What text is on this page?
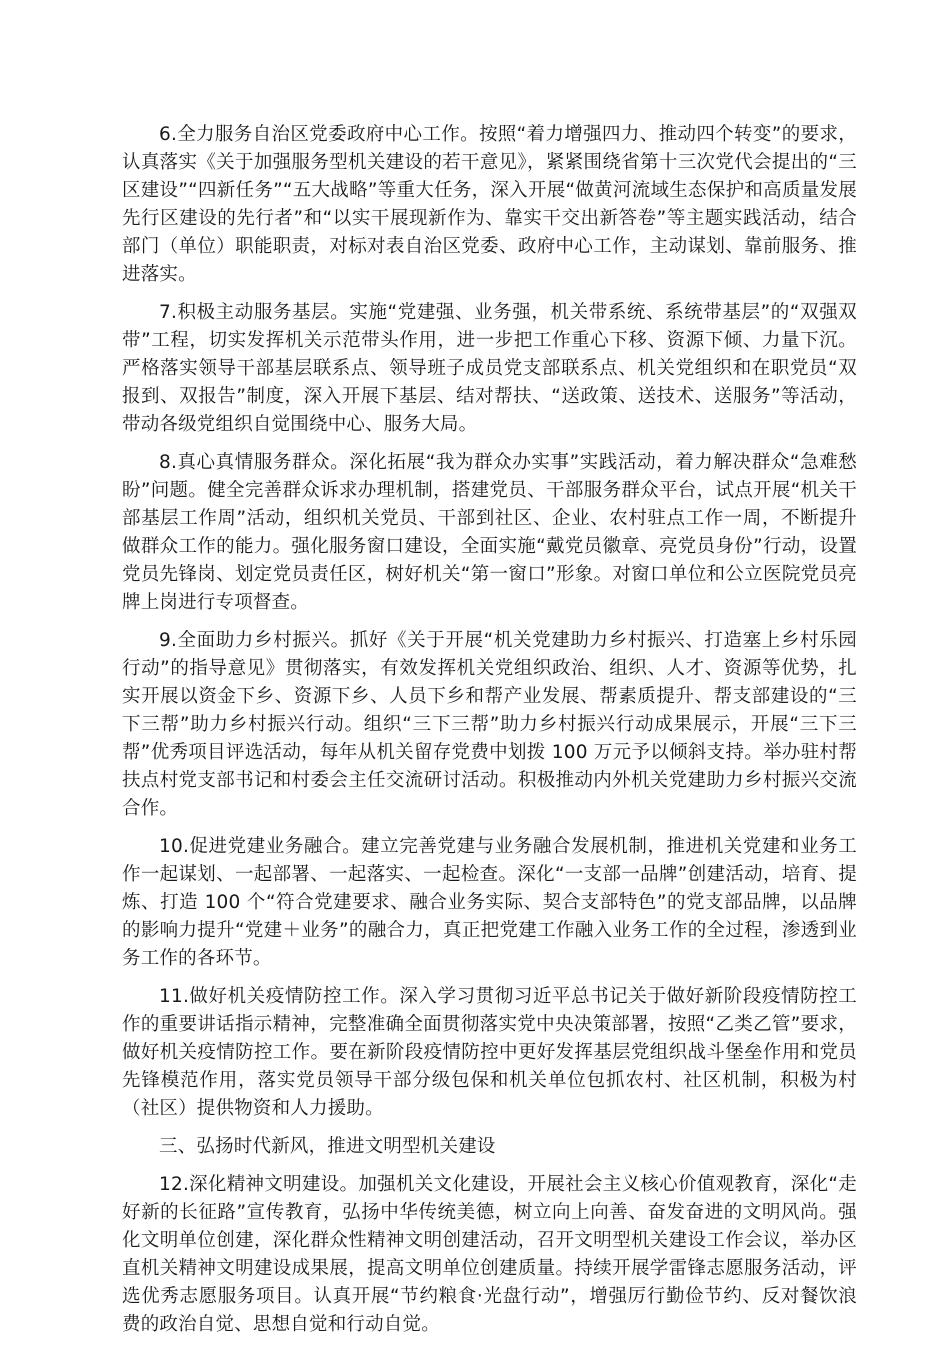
6.全力服务自治区党委政府中心工作。按照“着力增强四力、推动四个转变”的要求，认真落实《关于加强服务型机关建设的若干意见》，紧紧围绕省第十三次党代会提出的“三区建设”“四新任务”“五大战略”等重大任务，深入开展“做黄河流域生态保护和高质量发展先行区建设的先行者”和“以实干展现新作为、靠实干交出新答卷”等主题实践活动，结合部门（单位）职能职责，对标对表自治区党委、政府中心工作，主动谋划、靠前服务、推进落实。

7.积极主动服务基层。实施“党建强、业务强，机关带系统、系统带基层”的“双强双带”工程，切实发挥机关示范带头作用，进一步把工作重心下移、资源下倾、力量下沉。严格落实领导干部基层联系点、领导班子成员党支部联系点、机关党组织和在职党员“双报到、双报告”制度，深入开展下基层、结对帮扶、“送政策、送技术、送服务”等活动，带动各级党组织自觉围绕中心、服务大局。

8.真心真情服务群众。深化拓展“我为群众办实事”实践活动，着力解决群众“急难愁盼”问题。健全完善群众诉求办理机制，搭建党员、干部服务群众平台，试点开展“机关干部基层工作周”活动，组织机关党员、干部到社区、企业、农村驻点工作一周，不断提升做群众工作的能力。强化服务窗口建设，全面实施“戴党员徽章、亮党员身份”行动，设置党员先锋岗、划定党员责任区，树好机关“第一窗口”形象。对窗口单位和公立医院党员亮牌上岗进行专项督查。

9.全面助力乡村振兴。抓好《关于开展“机关党建助力乡村振兴、打造塞上乡村乐园行动”的指导意见》贯彻落实，有效发挥机关党组织政治、组织、人才、资源等优势，扎实开展以资金下乡、资源下乡、人员下乡和帮产业发展、帮素质提升、帮支部建设的“三下三帮”助力乡村振兴行动。组织“三下三帮”助力乡村振兴行动成果展示，开展“三下三帮”优秀项目评选活动，每年从机关留存党费中划拨 100 万元予以倾斜支持。举办驻村帮扶点村党支部书记和村委会主任交流研讨活动。积极推动内外机关党建助力乡村振兴交流合作。

10.促进党建业务融合。建立完善党建与业务融合发展机制，推进机关党建和业务工作一起谋划、一起部署、一起落实、一起检查。深化“一支部一品牌”创建活动，培育、提炼、打造 100 个“符合党建要求、融合业务实际、契合支部特色”的党支部品牌，以品牌的影响力提升“党建＋业务”的融合力，真正把党建工作融入业务工作的全过程，渗透到业务工作的各环节。

11.做好机关疫情防控工作。深入学习贯彻习近平总书记关于做好新阶段疫情防控工作的重要讲话指示精神，完整准确全面贯彻落实党中央决策部署，按照“乙类乙管”要求，做好机关疫情防控工作。要在新阶段疫情防控中更好发挥基层党组织战斗堡垒作用和党员先锋模范作用，落实党员领导干部分级包保和机关单位包抓农村、社区机制，积极为村（社区）提供物资和人力援助。

三、弘扬时代新风，推进文明型机关建设

12.深化精神文明建设。加强机关文化建设，开展社会主义核心价值观教育，深化“走好新的长征路”宣传教育，弘扬中华传统美德，树立向上向善、奋发奋进的文明风尚。强化文明单位创建，深化群众性精神文明创建活动，召开文明型机关建设工作会议，举办区直机关精神文明建设成果展，提高文明单位创建质量。持续开展学雷锋志愿服务活动，评选优秀志愿服务项目。认真开展“节约粮食·光盘行动”，增强厉行勤俭节约、反对餐饮浪费的政治自觉、思想自觉和行动自觉。
